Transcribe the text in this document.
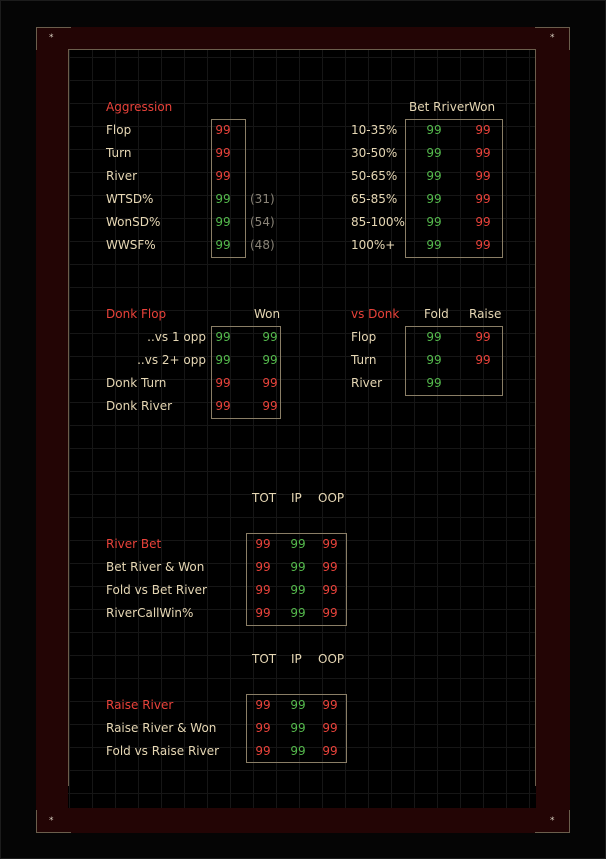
*	*
*	*
Aggression
Flop	99
Turn	99
River	99
WTSD%	99 (31)
WonSD%	99 (54)
WWSF%	99 (48)
Bet Rriver Won
10-35% 99	99
30-50% 99	99
50-65% 99	99
65-85% 99	99
85-100% 99	99
100%+	99	99
Donk Flop	Won
..vs 1 opp 99	99
..vs 2+ opp 99	99
Donk Turn	99	99
Donk River	99	99
vs Donk Fold Raise
Flop	99	99
Turn	99	99
River	99
TOT IP OOP
River Bet	99 99 99
Bet River & Won	99 99 99
Fold vs Bet River	99 99 99
RiverCallWin%	99 99 99
TOT IP OOP
Raise River	99 99 99
Raise River & Won	99 99 99
Fold vs Raise River	99 99 99
